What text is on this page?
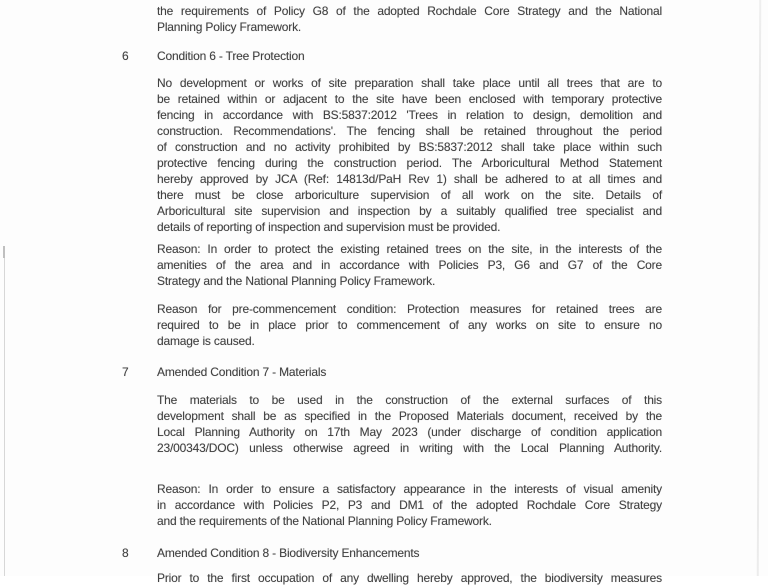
the requirements of Policy G8 of the adopted Rochdale Core Strategy and the National
Planning Policy Framework.
6 Condition 6 - Tree Protection
No development or works of site preparation shall take place until all trees that are to
be retained within or adjacent to the site have been enclosed with temporary protective
fencing in accordance with BS:5837:2012 'Trees in relation to design, demolition and
construction. Recommendations'. The fencing shall be retained throughout the period
of construction and no activity prohibited by BS:5837:2012 shall take place within such
protective fencing during the construction period. The Arboricultural Method Statement
hereby approved by JCA (Ref: 14813d/PaH Rev 1) shall be adhered to at all times and
there must be close arboriculture supervision of all work on the site. Details of
Arboricultural site supervision and inspection by a suitably qualified tree specialist and
details of reporting of inspection and supervision must be provided.
Reason: In order to protect the existing retained trees on the site, in the interests of the
amenities of the area and in accordance with Policies P3, G6 and G7 of the Core
Strategy and the National Planning Policy Framework.
Reason for pre-commencement condition: Protection measures for retained trees are
required to be in place prior to commencement of any works on site to ensure no
damage is caused.
7 Amended Condition 7 - Materials
The materials to be used in the construction of the external surfaces of this
development shall be as specified in the Proposed Materials document, received by the
Local Planning Authority on 17th May 2023 (under discharge of condition application
23/00343/DOC) unless otherwise agreed in writing with the Local Planning Authority.
Reason: In order to ensure a satisfactory appearance in the interests of visual amenity
in accordance with Policies P2, P3 and DM1 of the adopted Rochdale Core Strategy
and the requirements of the National Planning Policy Framework.
8 Amended Condition 8 - Biodiversity Enhancements
Prior to the first occupation of any dwelling hereby approved, the biodiversity measures
